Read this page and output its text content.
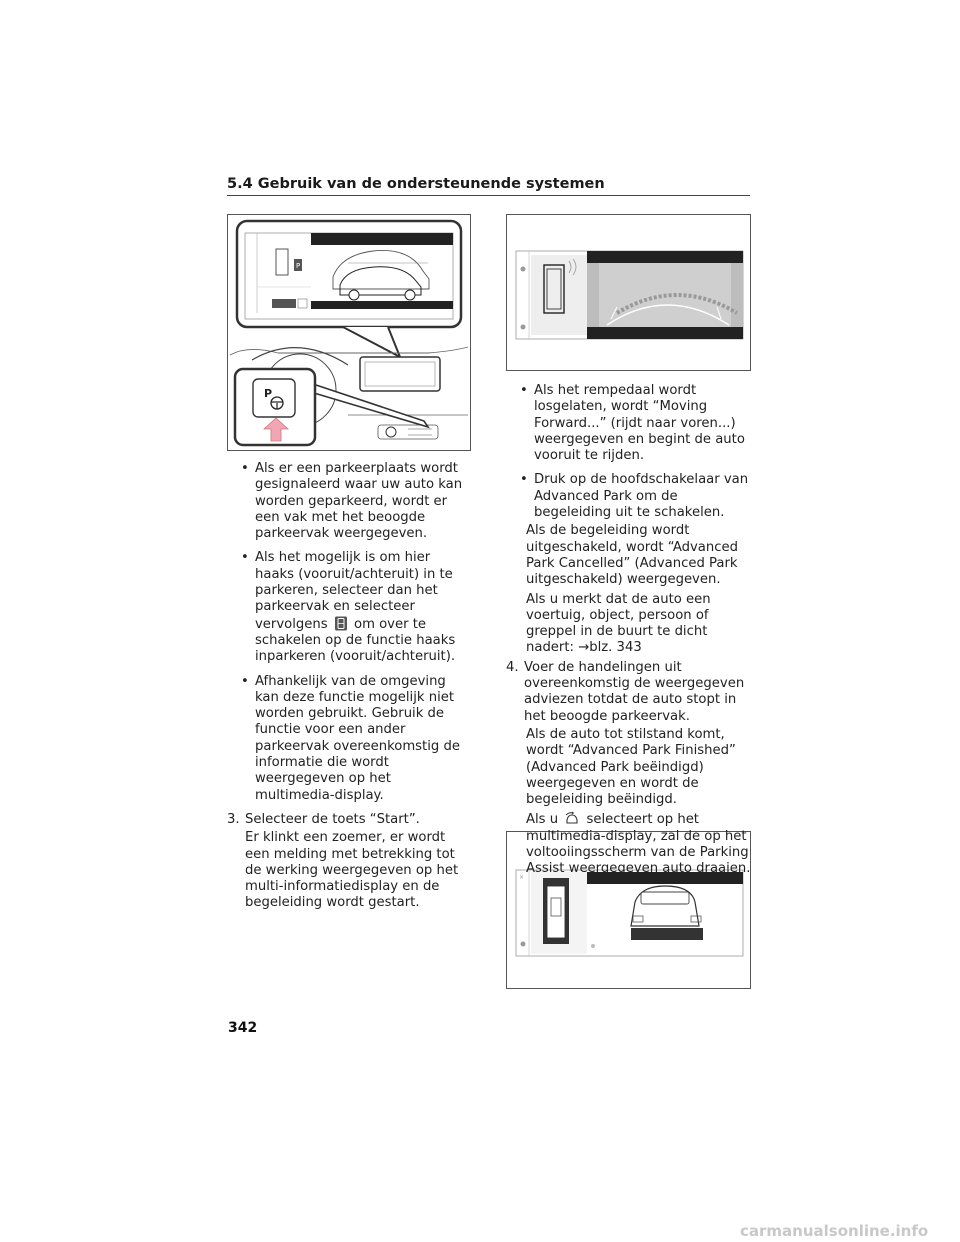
5.4 Gebruik van de ondersteunende systemen
P
P
×

• Als er een parkeerplaats wordt gesignaleerd waar uw auto kan worden geparkeerd, wordt er een vak met het beoogde parkeervak weergegeven.

• Als het mogelijk is om hier haaks (vooruit/achteruit) in te parkeren, selecteer dan het parkeervak en selecteer vervolgens om over te schakelen op de functie haaks inparkeren (vooruit/achteruit).

• Afhankelijk van de omgeving kan deze functie mogelijk niet worden gebruikt. Gebruik de functie voor een ander parkeervak overeenkomstig de informatie die wordt weergegeven op het multimedia-display.

3. Selecteer de toets “Start”.

Er klinkt een zoemer, er wordt een melding met betrekking tot de werking weergegeven op het multi-informatiedisplay en de begeleiding wordt gestart.

• Als het rempedaal wordt losgelaten, wordt “Moving Forward...” (rijdt naar voren...) weergegeven en begint de auto vooruit te rijden.

• Druk op de hoofdschakelaar van Advanced Park om de begeleiding uit te schakelen.

Als de begeleiding wordt uitgeschakeld, wordt “Advanced Park Cancelled” (Advanced Park uitgeschakeld) weergegeven.

Als u merkt dat de auto een voertuig, object, persoon of greppel in de buurt te dicht nadert: →blz. 343

4. Voer de handelingen uit overeenkomstig de weergegeven adviezen totdat de auto stopt in het beoogde parkeervak.

Als de auto tot stilstand komt, wordt “Advanced Park Finished” (Advanced Park beëindigd) weergegeven en wordt de begeleiding beëindigd.

Als u selecteert op het multimedia-display, zal de op het voltooiingsscherm van de Parking Assist weergegeven auto draaien.

342
carmanualsonline.info
